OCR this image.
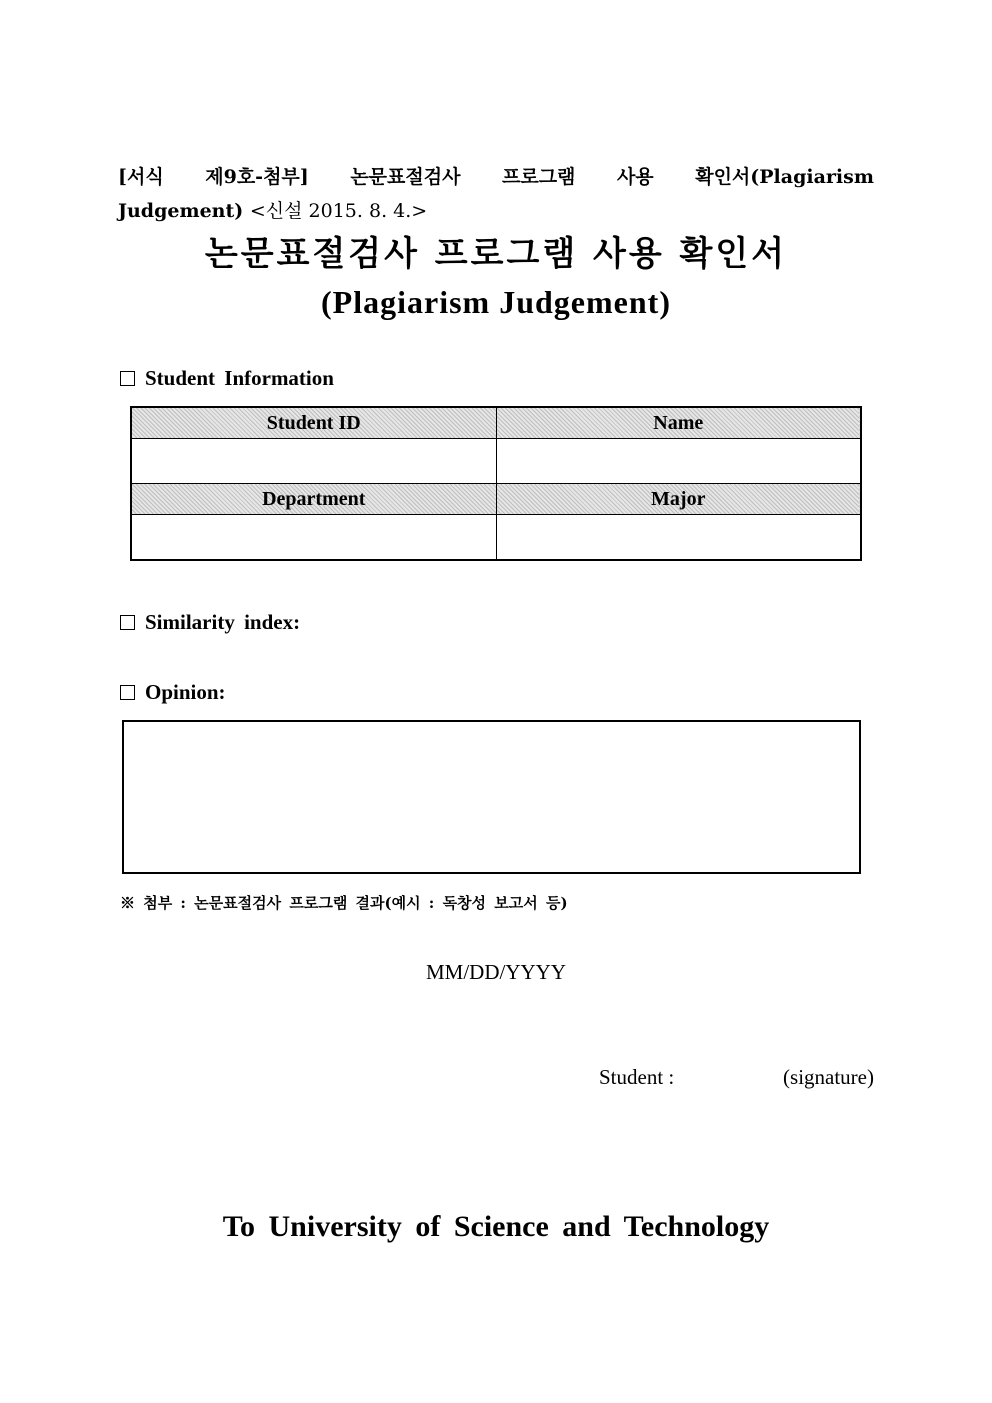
[서식 제9호-첨부] 논문표절검사 프로그램 사용 확인서(Plagiarism
Judgement) <신설 2015. 8. 4.>
논문표절검사 프로그램 사용 확인서
(Plagiarism Judgement)
Student Information
Student ID	Name

Department	Major

Similarity index:
Opinion:
※ 첨부 : 논문표절검사 프로그램 결과(예시 : 독창성 보고서 등)
MM/DD/YYYY
Student :	(signature)
To University of Science and Technology
